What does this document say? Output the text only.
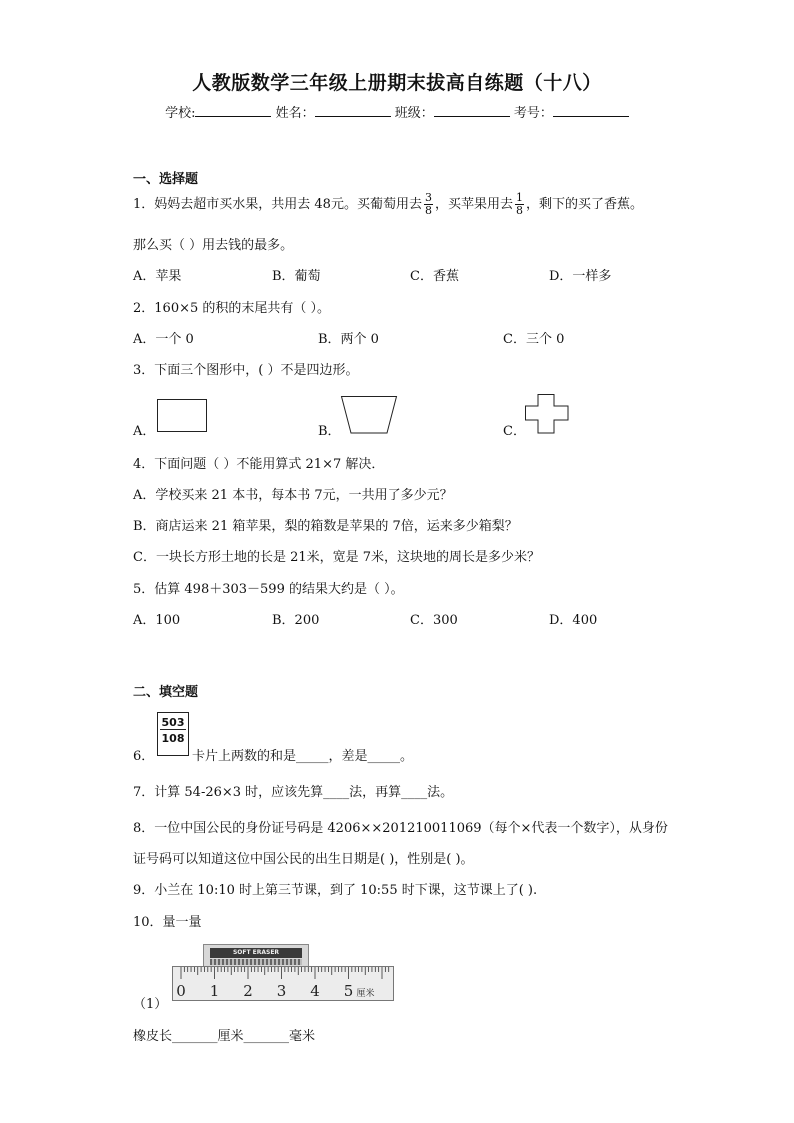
人教版数学三年级上册期末拔高自练题（十八）
学校:	姓名：	班级：	考号：
一、选择题
1．妈妈去超市买水果，共用去 48元。买葡萄用去 $\frac{3}{8}$ ，买苹果用去 $\frac{1}{8}$ ，剩下的买了香蕉。
那么买（ ）用去钱的最多。
A．苹果	B．葡萄	C．香蕉	D．一样多
2．160×5 的积的末尾共有（ ）。
A．一个 0	B．两个 0	C．三个 0
3．下面三个图形中，( ）不是四边形。
A．	B．	C．
4．下面问题（ ）不能用算式 21×7 解决．
A．学校买来 21 本书，每本书 7元，一共用了多少元？
B．商店运来 21 箱苹果，梨的箱数是苹果的 7倍，运来多少箱梨？
C．一块长方形土地的长是 21米，宽是 7米，这块地的周长是多少米？
5．估算 498＋303－599 的结果大约是（ ）。
A．100	B．200	C．300	D．400
二、填空题
6．
503
108
卡片上两数的和是_____，差是_____。
7．计算 54-26×3 时，应该先算____法，再算____法。
8．一位中国公民的身份证号码是 4206××201210011069（每个×代表一个数字），从身份
证号码可以知道这位中国公民的出生日期是( )，性别是( )。
9．小兰在 10:10 时上第三节课，到了 10:55 时下课，这节课上了( ).
10．量一量
SOFT ERASER
0 1 2 3 4 5 厘米
（1）
橡皮长_______厘米_______毫米
